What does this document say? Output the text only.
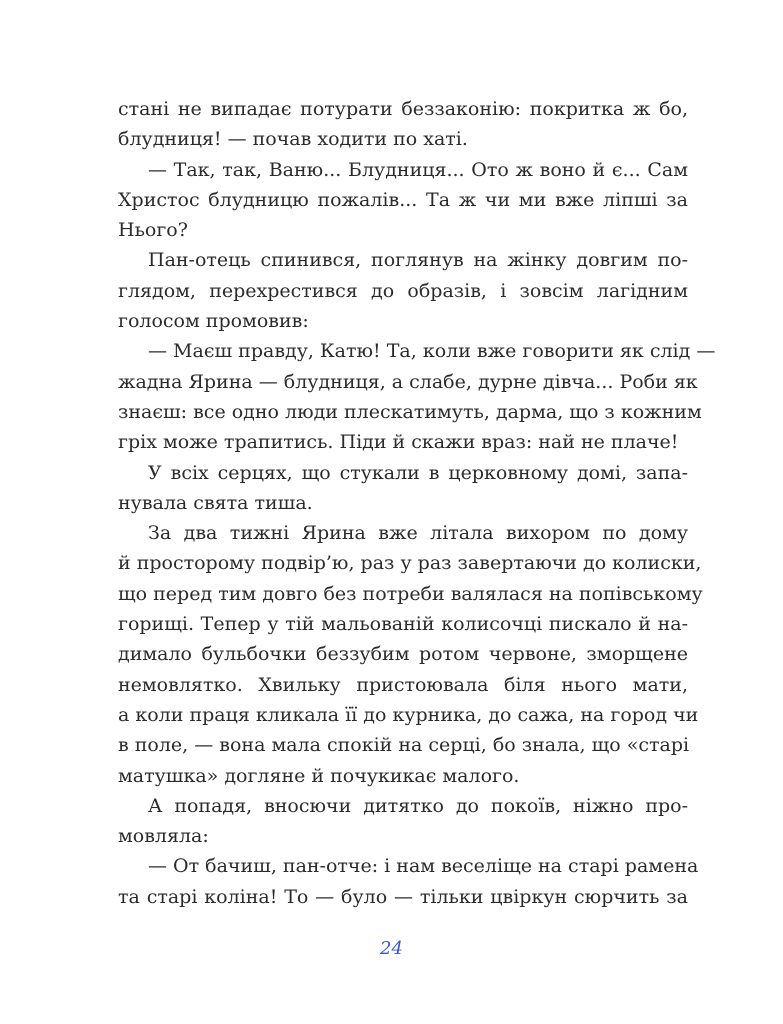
стані не випадає потурати беззаконію: покритка ж бо,
блудниця! — почав ходити по хаті.
— Так, так, Ваню... Блудниця... Ото ж воно й є... Сам
Христос блудницю пожалів... Та ж чи ми вже ліпші за
Нього?
Пан-отець спинився, поглянув на жінку довгим по-
глядом, перехрестився до образів, і зовсім лагідним
голосом промовив:
— Маєш правду, Катю! Та, коли вже говорити як слід —
жадна Ярина — блудниця, а слабе, дурне дівча... Роби як
знаєш: все одно люди плескатимуть, дарма, що з кожним
гріх може трапитись. Піди й скажи враз: най не плаче!
У всіх серцях, що стукали в церковному домі, запа-
нувала свята тиша.
За два тижні Ярина вже літала вихором по дому
й просторому подвір’ю, раз у раз завертаючи до колиски,
що перед тим довго без потреби валялася на попівському
горищі. Тепер у тій мальованій колисочці пискало й на-
дималo бульбочки беззубим ротом червоне, зморщене
немовлятко. Хвильку пристоювала біля нього мати,
а коли праця кликала її до курника, до сажа, на город чи
в поле, — вона мала спокій на серці, бо знала, що «старі
матушка» догляне й почукикає малого.
А попадя, вносючи дитятко до покоїв, ніжно про-
мовляла:
— От бачиш, пан-отче: і нам веселіще на старі рамена
та старі коліна! То — було — тільки цвіркун сюрчить за
24
